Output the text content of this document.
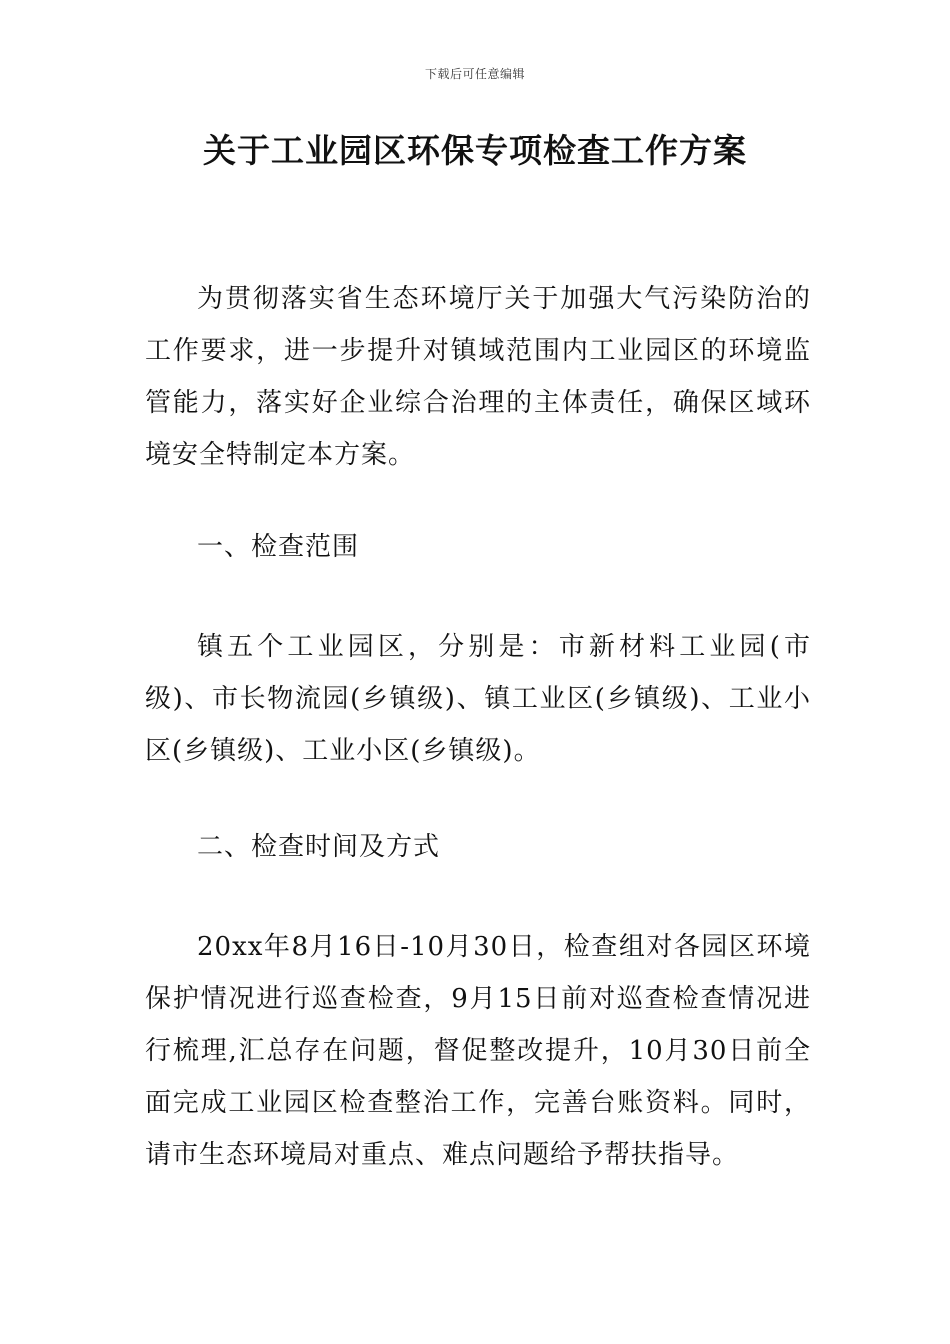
下载后可任意编辑
关于工业园区环保专项检查工作方案

为贯彻落实省生态环境厅关于加强大气污染防治的工作要求，进一步提升对镇域范围内工业园区的环境监管能力，落实好企业综合治理的主体责任，确保区域环境安全特制定本方案。

一、检查范围

镇五个工业园区，分别是：市新材料工业园(市级)、市长物流园(乡镇级)、镇工业区(乡镇级)、工业小区(乡镇级)、工业小区(乡镇级)。

二、检查时间及方式

20xx年8月16日-10月30日，检查组对各园区环境保护情况进行巡查检查，9月15日前对巡查检查情况进行梳理,汇总存在问题，督促整改提升，10月30日前全面完成工业园区检查整治工作，完善台账资料。同时，请市生态环境局对重点、难点问题给予帮扶指导。
